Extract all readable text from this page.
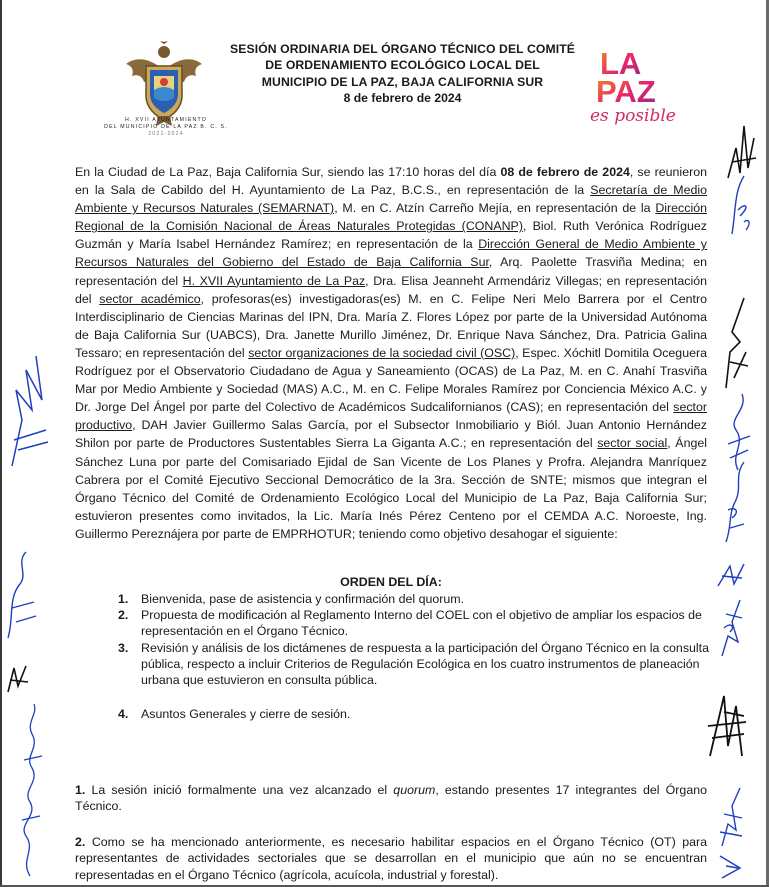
H. XVII AYUNTAMIENTO
DEL MUNICIPIO DE LA PAZ B. C. S.
2021-2024
SESIÓN ORDINARIA DEL ÓRGANO TÉCNICO DEL COMITÉ
DE ORDENAMIENTO ECOLÓGICO LOCAL DEL
MUNICIPIO DE LA PAZ, BAJA CALIFORNIA SUR
8 de febrero de 2024
LA
PAZ
es posible
En la Ciudad de La Paz, Baja California Sur, siendo las 17:10 horas del día 08 de febrero de 2024, se reunieron en la Sala de Cabildo del H. Ayuntamiento de La Paz, B.C.S., en representación de la Secretaría de Medio Ambiente y Recursos Naturales (SEMARNAT), M. en C. Atzín Carreño Mejía, en representación de la Dirección Regional de la Comisión Nacional de Áreas Naturales Protegidas (CONANP), Biol. Ruth Verónica Rodríguez Guzmán y María Isabel Hernández Ramírez; en representación de la Dirección General de Medio Ambiente y Recursos Naturales del Gobierno del Estado de Baja California Sur, Arq. Paolette Trasviña Medina; en representación del H. XVII Ayuntamiento de La Paz, Dra. Elisa Jeanneht Armendáriz Villegas; en representación del sector académico, profesoras(es) investigadoras(es) M. en C. Felipe Neri Melo Barrera por el Centro Interdisciplinario de Ciencias Marinas del IPN, Dra. María Z. Flores López por parte de la Universidad Autónoma de Baja California Sur (UABCS), Dra. Janette Murillo Jiménez, Dr. Enrique Nava Sánchez, Dra. Patricia Galina Tessaro; en representación del sector organizaciones de la sociedad civil (OSC), Espec. Xóchitl Domitila Oceguera Rodríguez por el Observatorio Ciudadano de Agua y Saneamiento (OCAS) de La Paz, M. en C. Anahí Trasviña Mar por Medio Ambiente y Sociedad (MAS) A.C., M. en C. Felipe Morales Ramírez por Conciencia México A.C. y Dr. Jorge Del Ángel por parte del Colectivo de Académicos Sudcalifornianos (CAS); en representación del sector productivo, DAH Javier Guillermo Salas García, por el Subsector Inmobiliario y Biól. Juan Antonio Hernández Shilon por parte de Productores Sustentables Sierra La Giganta A.C.; en representación del sector social, Ángel Sánchez Luna por parte del Comisariado Ejidal de San Vicente de Los Planes y Profra. Alejandra Manríquez Cabrera por el Comité Ejecutivo Seccional Democrático de la 3ra. Sección de SNTE; mismos que integran el Órgano Técnico del Comité de Ordenamiento Ecológico Local del Municipio de La Paz, Baja California Sur; estuvieron presentes como invitados, la Lic. María Inés Pérez Centeno por el CEMDA A.C. Noroeste, Ing. Guillermo Pereznájera por parte de EMPRHOTUR; teniendo como objetivo desahogar el siguiente:
ORDEN DEL DÍA:
1. Bienvenida, pase de asistencia y confirmación del quorum.
2. Propuesta de modificación al Reglamento Interno del COEL con el objetivo de ampliar los espacios de representación en el Órgano Técnico.
3. Revisión y análisis de los dictámenes de respuesta a la participación del Órgano Técnico en la consulta pública, respecto a incluir Criterios de Regulación Ecológica en los cuatro instrumentos de planeación urbana que estuvieron en consulta pública.
4. Asuntos Generales y cierre de sesión.
1. La sesión inició formalmente una vez alcanzado el quorum, estando presentes 17 integrantes del Órgano Técnico.
2. Como se ha mencionado anteriormente, es necesario habilitar espacios en el Órgano Técnico (OT) para representantes de actividades sectoriales que se desarrollan en el municipio que aún no se encuentran representadas en el Órgano Técnico (agrícola, acuícola, industrial y forestal).
